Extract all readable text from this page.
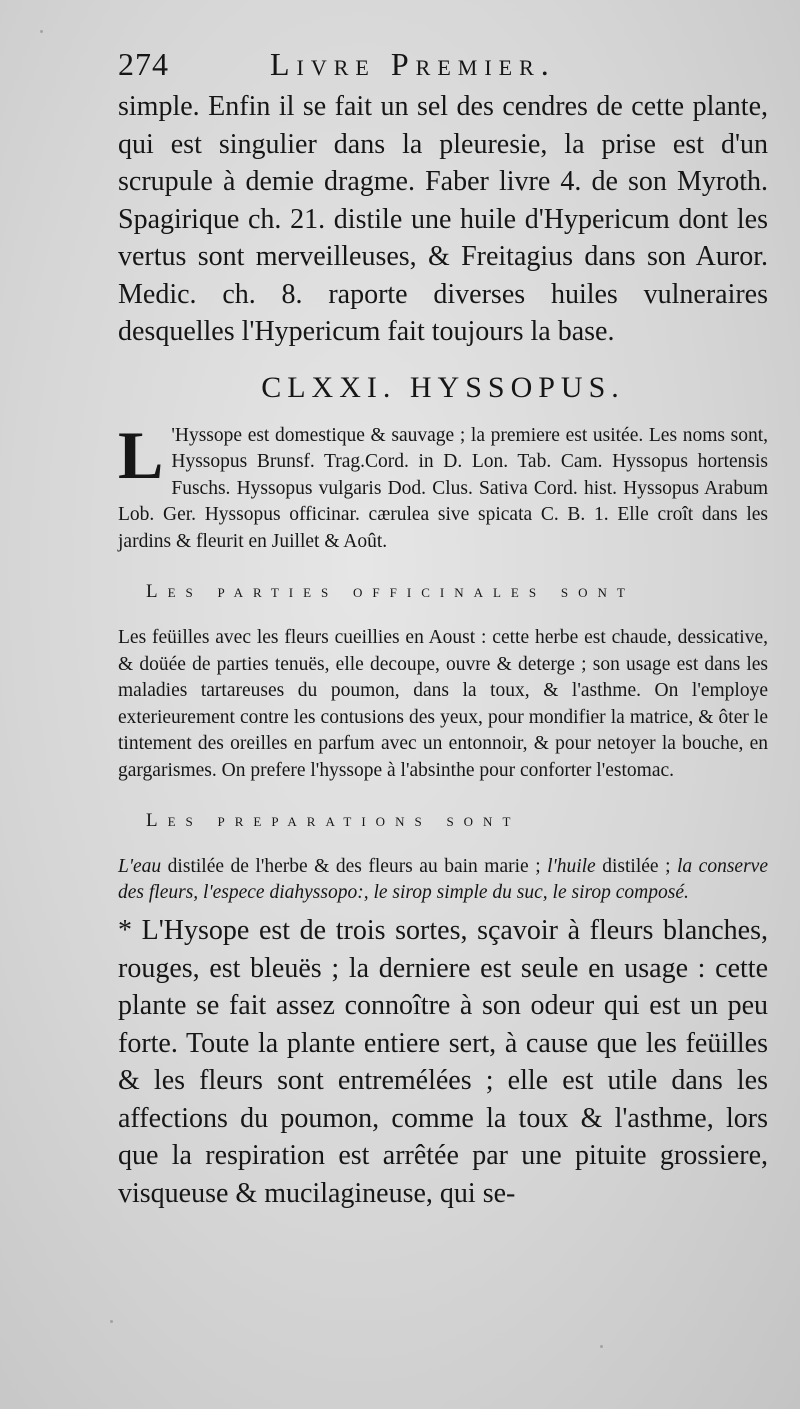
274	Livre Premier.

simple. Enfin il se fait un sel des cendres de cette plante, qui est singulier dans la pleuresie, la prise est d'un scrupule à demie dragme. Faber livre 4. de son Myroth. Spagirique ch. 21. distile une huile d'Hypericum dont les vertus sont merveilleuses, & Freitagius dans son Auror. Medic. ch. 8. raporte diverses huiles vulneraires desquelles l'Hypericum fait toujours la base.

CLXXI. HYSSOPUS.

L 'Hyssope est domestique & sauvage ; la premiere est usitée. Les noms sont, Hyssopus Brunsf. Trag.Cord. in D. Lon. Tab. Cam. Hyssopus hortensis Fuschs. Hyssopus vulgaris Dod. Clus. Sativa Cord. hist. Hyssopus Arabum Lob. Ger. Hyssopus officinar. cærulea sive spicata C. B. 1. Elle croît dans les jardins & fleurit en Juillet & Août.

Les parties officinales sont

Les feüilles avec les fleurs cueillies en Aoust : cette herbe est chaude, dessicative, & doüée de parties tenuës, elle decoupe, ouvre & deterge ; son usage est dans les maladies tartareuses du poumon, dans la toux, & l'asthme. On l'employe exterieurement contre les contusions des yeux, pour mondifier la matrice, & ôter le tintement des oreilles en parfum avec un entonnoir, & pour netoyer la bouche, en gargarismes. On prefere l'hyssope à l'absinthe pour conforter l'estomac.

Les preparations sont

L'eau distilée de l'herbe & des fleurs au bain marie ; l'huile distilée ; la conserve des fleurs, l'espece diahyssopo:, le sirop simple du suc, le sirop composé.

* L'Hysope est de trois sortes, sçavoir à fleurs blanches, rouges, est bleuës ; la derniere est seule en usage : cette plante se fait assez connoître à son odeur qui est un peu forte. Toute la plante entiere sert, à cause que les feüilles & les fleurs sont entremélées ; elle est utile dans les affections du poumon, comme la toux & l'asthme, lors que la respiration est arrêtée par une pituite grossiere, visqueuse & mucilagineuse, qui se-
